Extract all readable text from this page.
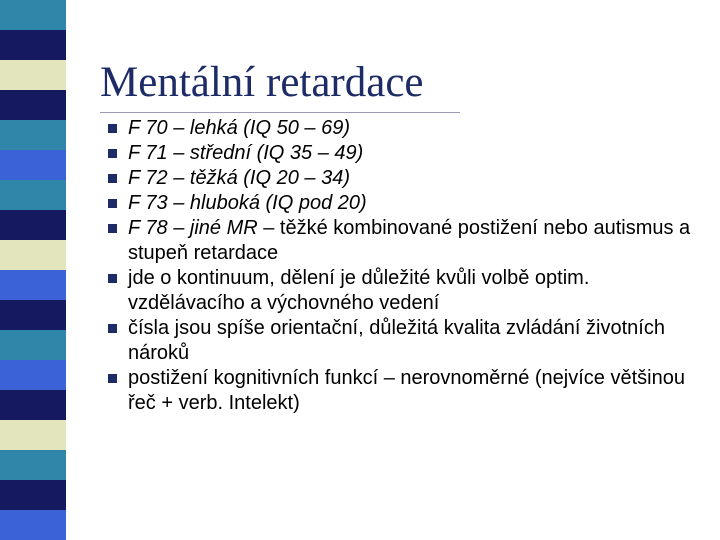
Mentální retardace
F 70 – lehká (IQ 50 – 69)
F 71 – střední (IQ 35 – 49)
F 72 – těžká (IQ 20 – 34)
F 73 – hluboká (IQ pod 20)
F 78 – jiné MR – těžké kombinované postižení nebo autismus a stupeň retardace
jde o kontinuum, dělení je důležité kvůli volbě optim. vzdělávacího a výchovného vedení
čísla jsou spíše orientační, důležitá kvalita zvládání životních nároků
postižení kognitivních funkcí – nerovnoměrné (nejvíce většinou řeč + verb. Intelekt)
